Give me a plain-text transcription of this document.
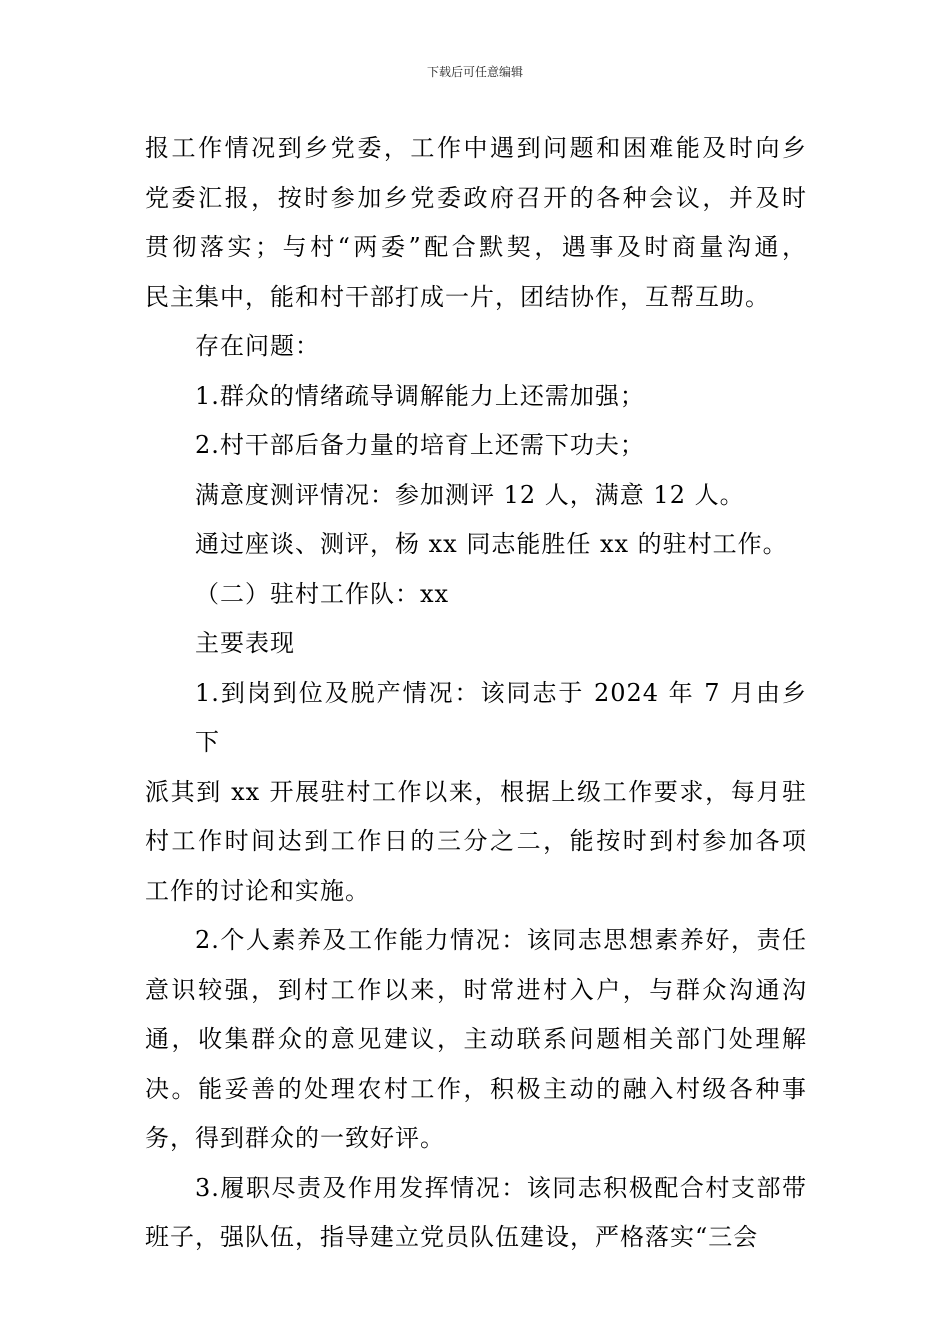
下载后可任意编辑
报工作情况到乡党委，工作中遇到问题和困难能及时向乡
党委汇报，按时参加乡党委政府召开的各种会议，并及时
贯彻落实；与村“两委”配合默契，遇事及时商量沟通，
民主集中，能和村干部打成一片，团结协作，互帮互助。
存在问题：
1.群众的情绪疏导调解能力上还需加强；
2.村干部后备力量的培育上还需下功夫；
满意度测评情况：参加测评 12 人，满意 12 人。
通过座谈、测评，杨 xx 同志能胜任 xx 的驻村工作。
（二）驻村工作队：xx
主要表现
1.到岗到位及脱产情况：该同志于 2024 年 7 月由乡下
派其到 xx 开展驻村工作以来，根据上级工作要求，每月驻
村工作时间达到工作日的三分之二，能按时到村参加各项
工作的讨论和实施。
2.个人素养及工作能力情况：该同志思想素养好，责任
意识较强，到村工作以来，时常进村入户，与群众沟通沟
通，收集群众的意见建议，主动联系问题相关部门处理解
决。能妥善的处理农村工作，积极主动的融入村级各种事
务，得到群众的一致好评。
3.履职尽责及作用发挥情况：该同志积极配合村支部带
班子，强队伍，指导建立党员队伍建设，严格落实“三会
